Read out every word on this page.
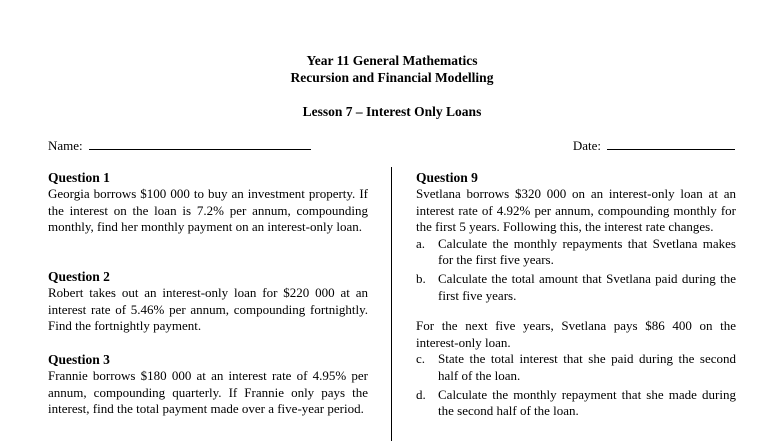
Year 11 General Mathematics
Recursion and Financial Modelling
Lesson 7 – Interest Only Loans
Name:	Date:
Question 1

Georgia borrows $100 000 to buy an investment property. If the interest on the loan is 7.2% per annum, compounding monthly, find her monthly payment on an interest-only loan.

Question 2

Robert takes out an interest-only loan for $220 000 at an interest rate of 5.46% per annum, compounding fortnightly. Find the fortnightly payment.

Question 3

Frannie borrows $180 000 at an interest rate of 4.95% per annum, compounding quarterly. If Frannie only pays the interest, find the total payment made over a five-year period.

Question 9

Svetlana borrows $320 000 on an interest-only loan at an interest rate of 4.92% per annum, compounding monthly for the first 5 years. Following this, the interest rate changes.

a. Calculate the monthly repayments that Svetlana makes for the first five years.
b. Calculate the total amount that Svetlana paid during the first five years.

For the next five years, Svetlana pays $86 400 on the interest-only loan.

c. State the total interest that she paid during the second half of the loan.
d. Calculate the monthly repayment that she made during the second half of the loan.
